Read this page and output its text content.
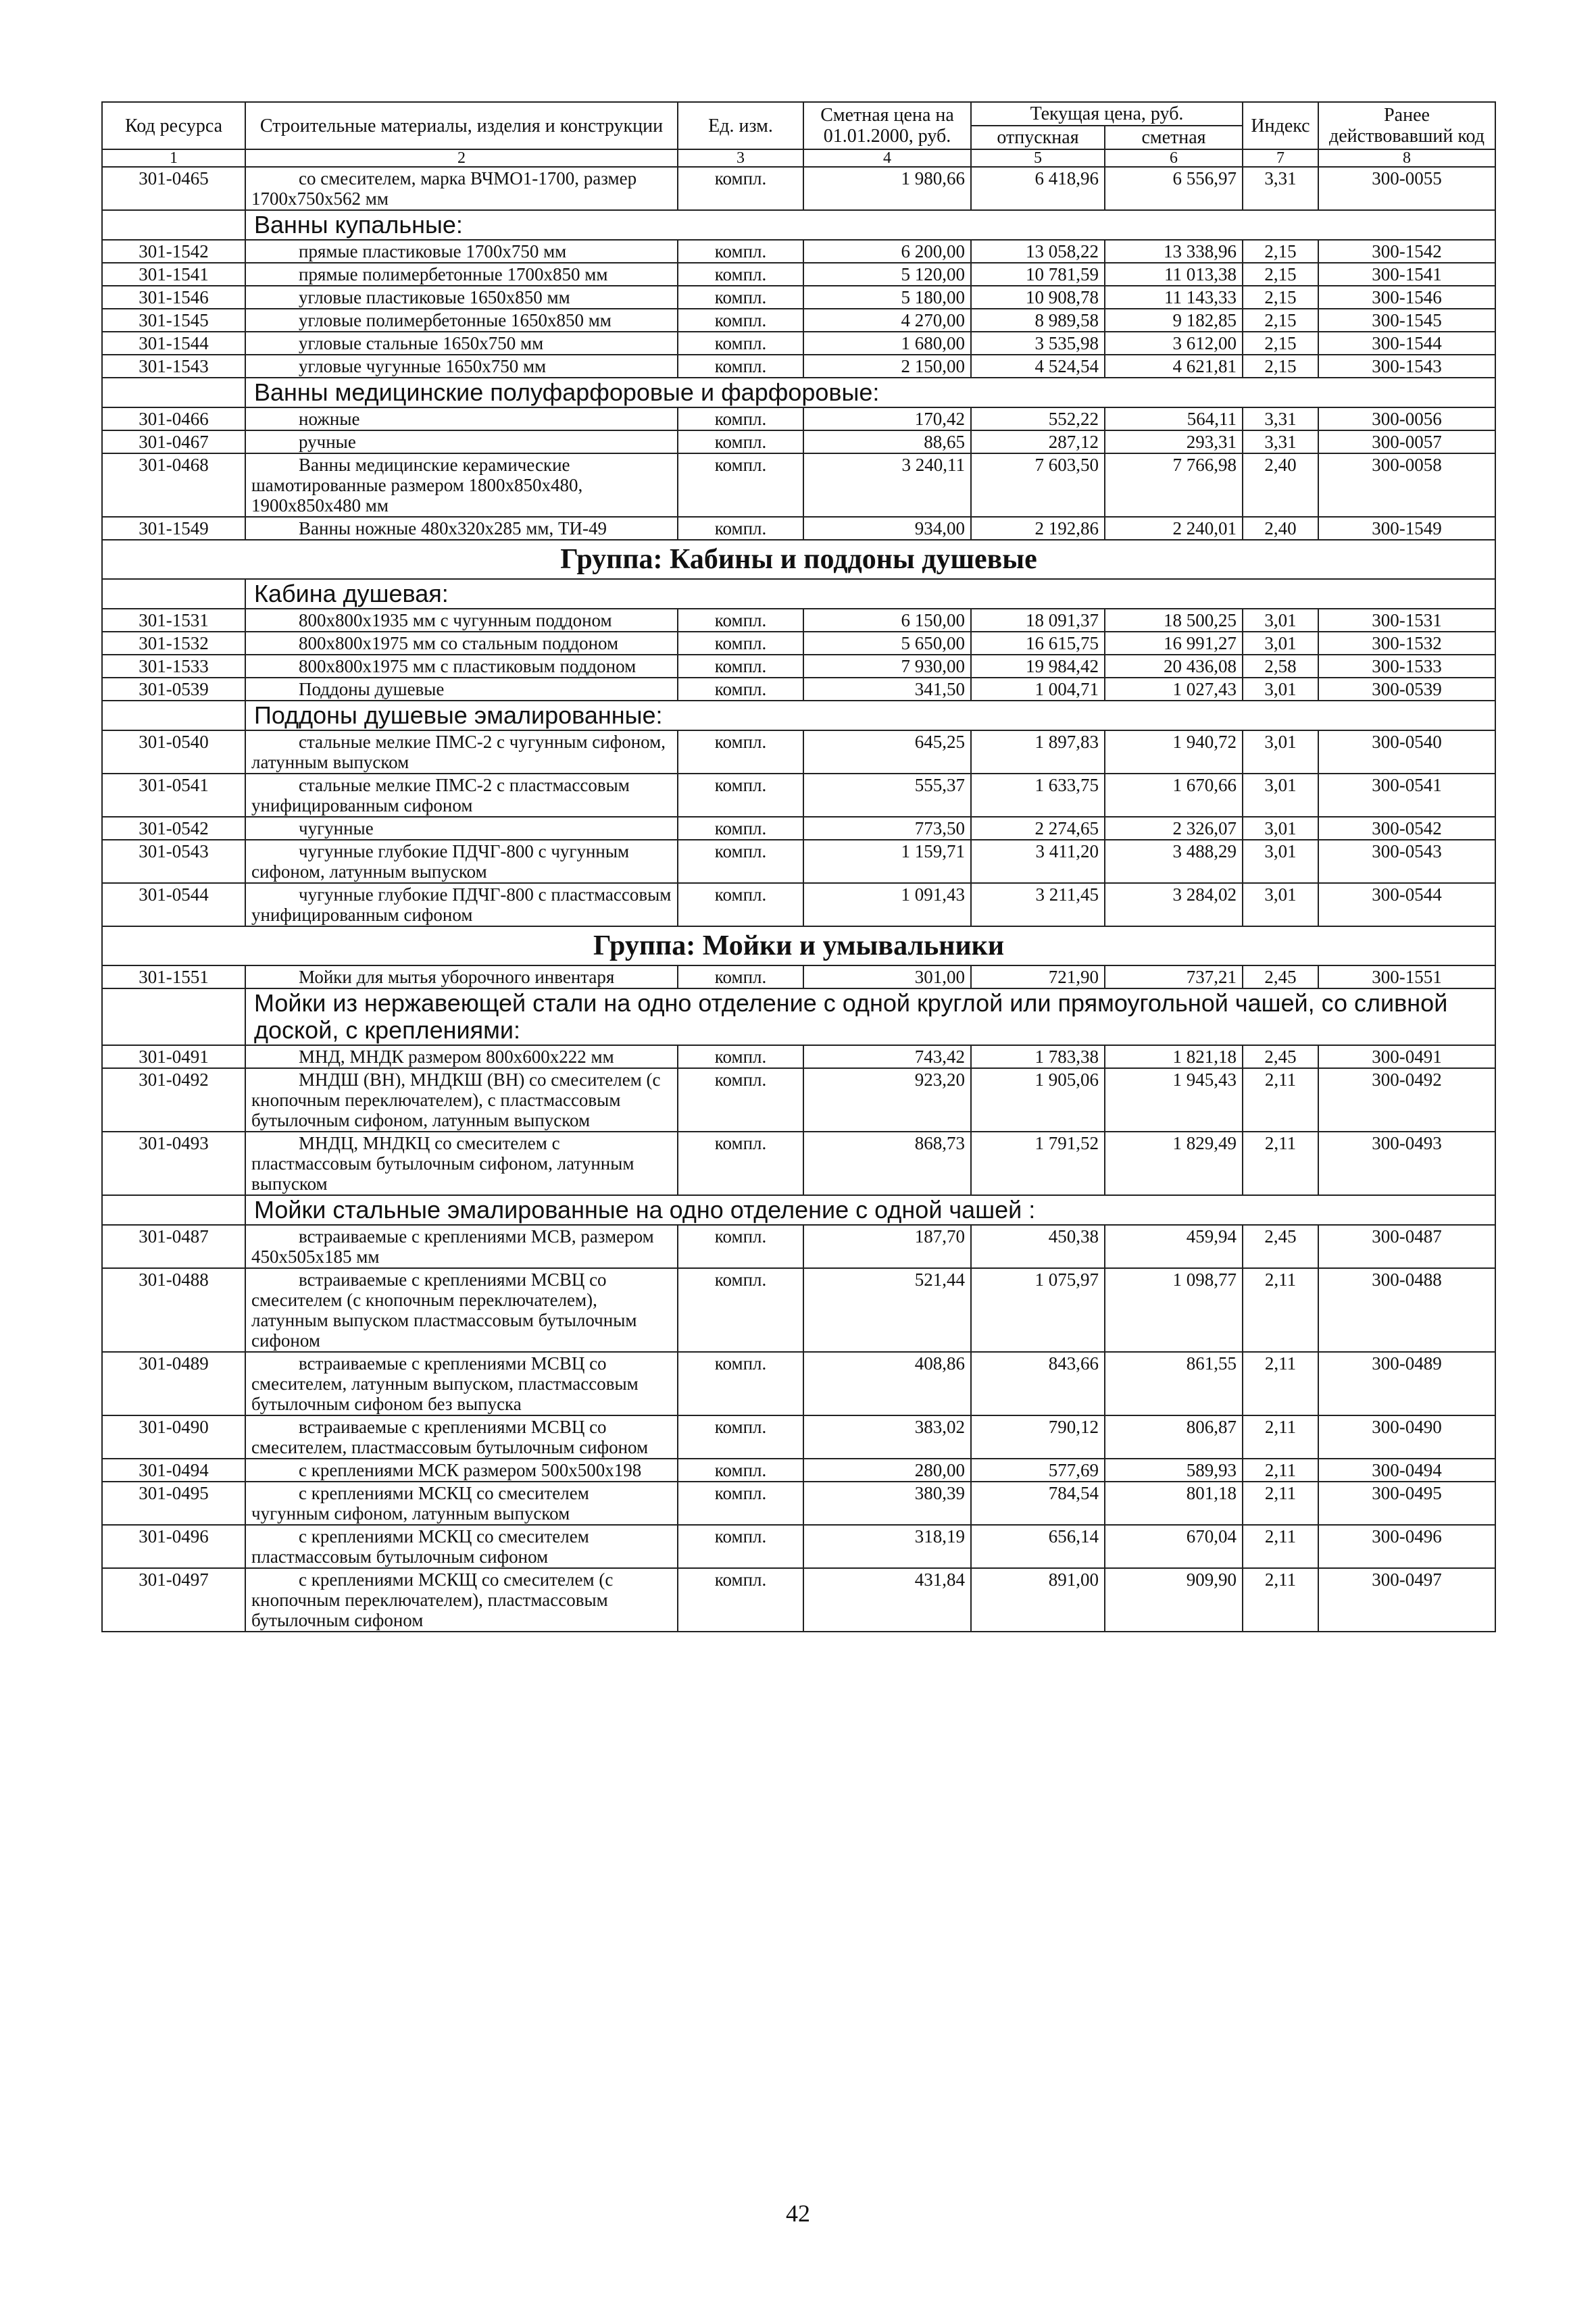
Код ресурса	Строительные материалы, изделия и конструкции	Ед. изм.	Сметная цена на 01.01.2000, руб.	Текущая цена, руб.		Индекс	Ранее действовавший код
				отпускная	сметная		
1	2	3	4	5	6	7	8
301-0465	со смесителем, марка ВЧМО1-1700, размер 1700x750x562 мм	компл.	1 980,66	6 418,96	6 556,97	3,31	300-0055
	Ванны купальные:						
301-1542	прямые пластиковые 1700x750 мм	компл.	6 200,00	13 058,22	13 338,96	2,15	300-1542
301-1541	прямые полимербетонные 1700x850 мм	компл.	5 120,00	10 781,59	11 013,38	2,15	300-1541
301-1546	угловые пластиковые 1650x850 мм	компл.	5 180,00	10 908,78	11 143,33	2,15	300-1546
301-1545	угловые полимербетонные 1650x850 мм	компл.	4 270,00	8 989,58	9 182,85	2,15	300-1545
301-1544	угловые стальные 1650x750 мм	компл.	1 680,00	3 535,98	3 612,00	2,15	300-1544
301-1543	угловые чугунные 1650x750 мм	компл.	2 150,00	4 524,54	4 621,81	2,15	300-1543
	Ванны медицинские полуфарфоровые и фарфоровые:						
301-0466	ножные	компл.	170,42	552,22	564,11	3,31	300-0056
301-0467	ручные	компл.	88,65	287,12	293,31	3,31	300-0057
301-0468	Ванны медицинские керамические шамотированные размером 1800x850x480, 1900x850x480 мм	компл.	3 240,11	7 603,50	7 766,98	2,40	300-0058
301-1549	Ванны ножные 480x320x285 мм, ТИ-49	компл.	934,00	2 192,86	2 240,01	2,40	300-1549
Группа: Кабины и поддоны душевые							
	Кабина душевая:						
301-1531	800x800x1935 мм с чугунным поддоном	компл.	6 150,00	18 091,37	18 500,25	3,01	300-1531
301-1532	800x800x1975 мм со стальным поддоном	компл.	5 650,00	16 615,75	16 991,27	3,01	300-1532
301-1533	800x800x1975 мм с пластиковым поддоном	компл.	7 930,00	19 984,42	20 436,08	2,58	300-1533
301-0539	Поддоны душевые	компл.	341,50	1 004,71	1 027,43	3,01	300-0539
	Поддоны душевые эмалированные:						
301-0540	стальные мелкие ПМС-2 с чугунным сифоном, латунным выпуском	компл.	645,25	1 897,83	1 940,72	3,01	300-0540
301-0541	стальные мелкие ПМС-2 с пластмассовым унифицированным сифоном	компл.	555,37	1 633,75	1 670,66	3,01	300-0541
301-0542	чугунные	компл.	773,50	2 274,65	2 326,07	3,01	300-0542
301-0543	чугунные глубокие ПДЧГ-800 с чугунным сифоном, латунным выпуском	компл.	1 159,71	3 411,20	3 488,29	3,01	300-0543
301-0544	чугунные глубокие ПДЧГ-800 с пластмассовым унифицированным сифоном	компл.	1 091,43	3 211,45	3 284,02	3,01	300-0544
Группа: Мойки и умывальники							
301-1551	Мойки для мытья уборочного инвентаря	компл.	301,00	721,90	737,21	2,45	300-1551
	Мойки из нержавеющей стали на одно отделение с одной круглой или прямоугольной чашей, со сливной доской, с креплениями:						
301-0491	МНД, МНДК размером 800x600x222 мм	компл.	743,42	1 783,38	1 821,18	2,45	300-0491
301-0492	МНДШ (ВН), МНДКШ (ВН) со смесителем (с кнопочным переключателем), с пластмассовым бутылочным сифоном, латунным выпуском	компл.	923,20	1 905,06	1 945,43	2,11	300-0492
301-0493	МНДЦ, МНДКЦ со смесителем с пластмассовым бутылочным сифоном, латунным выпуском	компл.	868,73	1 791,52	1 829,49	2,11	300-0493
	Мойки стальные эмалированные на одно отделение с одной чашей :						
301-0487	встраиваемые с креплениями МСВ, размером 450x505x185 мм	компл.	187,70	450,38	459,94	2,45	300-0487
301-0488	встраиваемые с креплениями МСВЦ со смесителем (с кнопочным переключателем), латунным выпуском пластмассовым бутылочным сифоном	компл.	521,44	1 075,97	1 098,77	2,11	300-0488
301-0489	встраиваемые с креплениями МСВЦ со смесителем, латунным выпуском, пластмассовым бутылочным сифоном без выпуска	компл.	408,86	843,66	861,55	2,11	300-0489
301-0490	встраиваемые с креплениями МСВЦ со смесителем, пластмассовым бутылочным сифоном	компл.	383,02	790,12	806,87	2,11	300-0490
301-0494	с креплениями МСК размером 500x500x198	компл.	280,00	577,69	589,93	2,11	300-0494
301-0495	с креплениями МСКЦ со смесителем чугунным сифоном, латунным выпуском	компл.	380,39	784,54	801,18	2,11	300-0495
301-0496	с креплениями МСКЦ со смесителем пластмассовым бутылочным сифоном	компл.	318,19	656,14	670,04	2,11	300-0496
301-0497	с креплениями МСКЩ со смесителем (с кнопочным переключателем), пластмассовым бутылочным сифоном	компл.	431,84	891,00	909,90	2,11	300-0497
42
